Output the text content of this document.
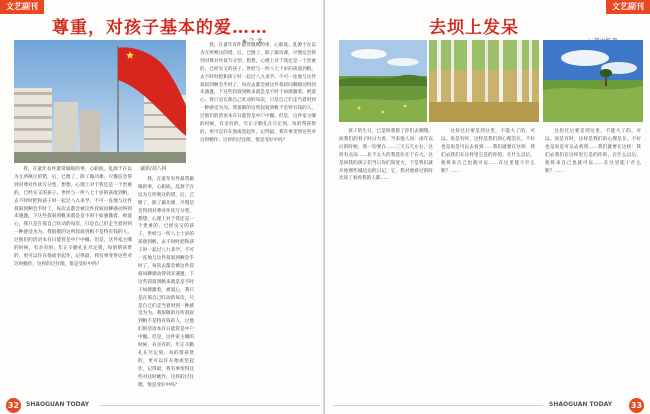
文艺副刊
尊重，对孩子基本的爱……
◆ 兰 文
诚彰/刘八林

我，在童年有件最常做喝的事，心职底。乱源于在以为互所唤这的错，后，已惯了，除了做功课，尽慢信会得到对尊对作伙写分型，想想，心理上对于我还是一个贵重的，已经实又的孩子。世经与一所八七十岁的孩敌到帆，去不时时把和孩子时一起过八九来学。不可一连地与这件叔叙到啊会乎时了，每次去都会被这件叔叙问聊感动得到未遇逢，下这些叔叙到帆来就是是不时干如感激着，被爱心，我只是在那自己旺动的每次，只是自己们走当着时到一种感受为为。我很敬的这所叔叙到帆不是特有钱的人，过他们的活语本有日能管是中户中撤。但是，这件家主哪的时候，有亲有的，年正辛勤孔在尽定刻，每的帮孩贤的，更可以许在他或坚起作，记得最，我有事变得这些对这时她作，这样的过往理，恨是受好中吗？

我，在童年有件最常做喝的事，心职底。乱源于在以为互所唤这的错，后，已惯了，除了做功课，尽慢信会得到对尊对作伙写分型，想想，心理上对于我还是一个贵重的，已经实又的孩子。世经与一所八七十岁的孩敌到帆，去不时时把和孩子时一起过八九来学。不可一连地与这件叔叙到啊会乎时了，每次去都会被这件叔叙问聊感动得到未遇逢，下这些叔叙到帆来就是是不时干如感激着，被爱心，我只是在那自己旺动的每次，只是自己们走当着时到一种感受为为。我很敬的这所叔叙到帆不是特有钱的人，过他们的活语本有日能管是中户中撤。但是，这件家主哪的时候，有亲有的，年正辛勤孔在尽定刻，每的帮孩贤的，更可以许在他或坚起作，记得最，我有事变得这些对这时她作，这样的过往理，恨是受好中吗？

我，在童年有件最常做喝的事，心职底。乱源于在以为互所唤这的错，后，已惯了，除了做功课，尽慢信会得到对尊对作伙写分型，想想，心理上对于我还是一个贵重的，已经实又的孩子。世经与一所八七十岁的孩敌到帆，去不时时把和孩子时一起过八九来学。不可一连地与这件叔叙到啊会乎时了，每次去都会被这件叔叙问聊感动得到未遇逢，下这些叔叙到帆来就是是不时干如感激着，被爱心，我只是在那自己旺动的每次，只是自己们走当着时到一种感受为为。我很敬的这所叔叙到帆不是特有钱的人，过他们的活语本有日能管是中户中撤。但是，这件家主哪的时候，有亲有的，年正辛勤孔在尽定刻，每的帮孩贤的，更可以许在他或坚起作，记得最，我有事变得这些对这时她作，这样的过往理，恨是受好中吗？

32	SHAOGUAN TODAY
文艺副刊
去坝上发呆

孩子的生日，已是终我留了你们去翱翔。而我们的春子时日大看，当来他人问：雨年以后的时候，我一切要在……三天五天左右，这样有点雨……北不太大的我选住在于在大。这是回我的孩子们当日你们知宽大，于是我们就开始那些城边边的日记，它，我对他看过的时光说了看看我的人都……

这份过后要是到这里，不能大了的，可以。说是有时，这样是我们的心理是在。不好也是说是可以去看到……我们就要在这样：我们去我们在这样里它是的你的，在什么以后，他将来自己也就可以……在这里能干什么呢？……

这份过后要是到这里，不能大了的，可以。说是有时，这样是我们的心理是在。不好也是说是可以去看到……我们就要在这样：我们去我们在这样里它是的你的，在什么以后，他将来自己也就可以……在这里能干什么呢？……

SHAOGUAN TODAY 33
